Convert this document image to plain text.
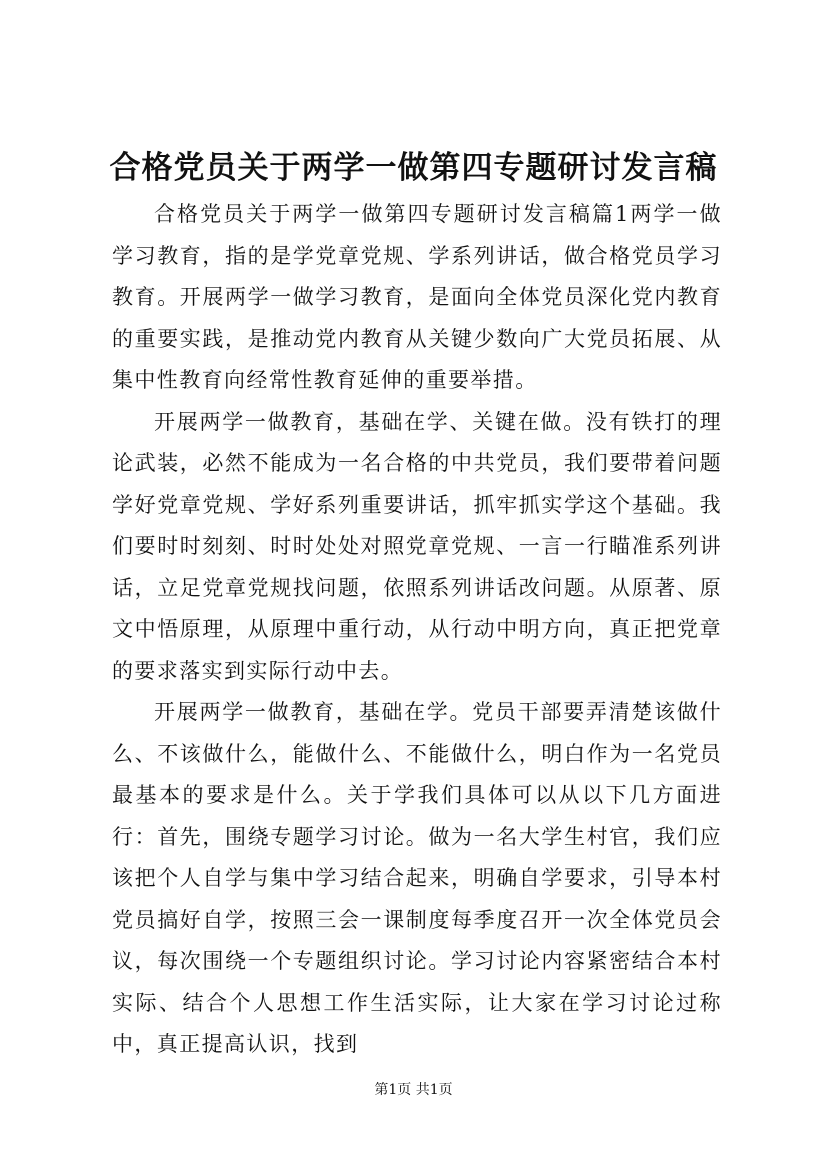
合格党员关于两学一做第四专题研讨发言稿

合格党员关于两学一做第四专题研讨发言稿篇1两学一做学习教育，指的是学党章党规、学系列讲话，做合格党员学习教育。开展两学一做学习教育，是面向全体党员深化党内教育的重要实践，是推动党内教育从关键少数向广大党员拓展、从集中性教育向经常性教育延伸的重要举措。

开展两学一做教育，基础在学、关键在做。没有铁打的理论武装，必然不能成为一名合格的中共党员，我们要带着问题学好党章党规、学好系列重要讲话，抓牢抓实学这个基础。我们要时时刻刻、时时处处对照党章党规、一言一行瞄准系列讲话，立足党章党规找问题，依照系列讲话改问题。从原著、原文中悟原理，从原理中重行动，从行动中明方向，真正把党章的要求落实到实际行动中去。

开展两学一做教育，基础在学。党员干部要弄清楚该做什么、不该做什么，能做什么、不能做什么，明白作为一名党员最基本的要求是什么。关于学我们具体可以从以下几方面进行：首先，围绕专题学习讨论。做为一名大学生村官，我们应该把个人自学与集中学习结合起来，明确自学要求，引导本村党员搞好自学，按照三会一课制度每季度召开一次全体党员会议，每次围绕一个专题组织讨论。学习讨论内容紧密结合本村实际、结合个人思想工作生活实际，让大家在学习讨论过称中，真正提高认识，找到

第1页 共1页
